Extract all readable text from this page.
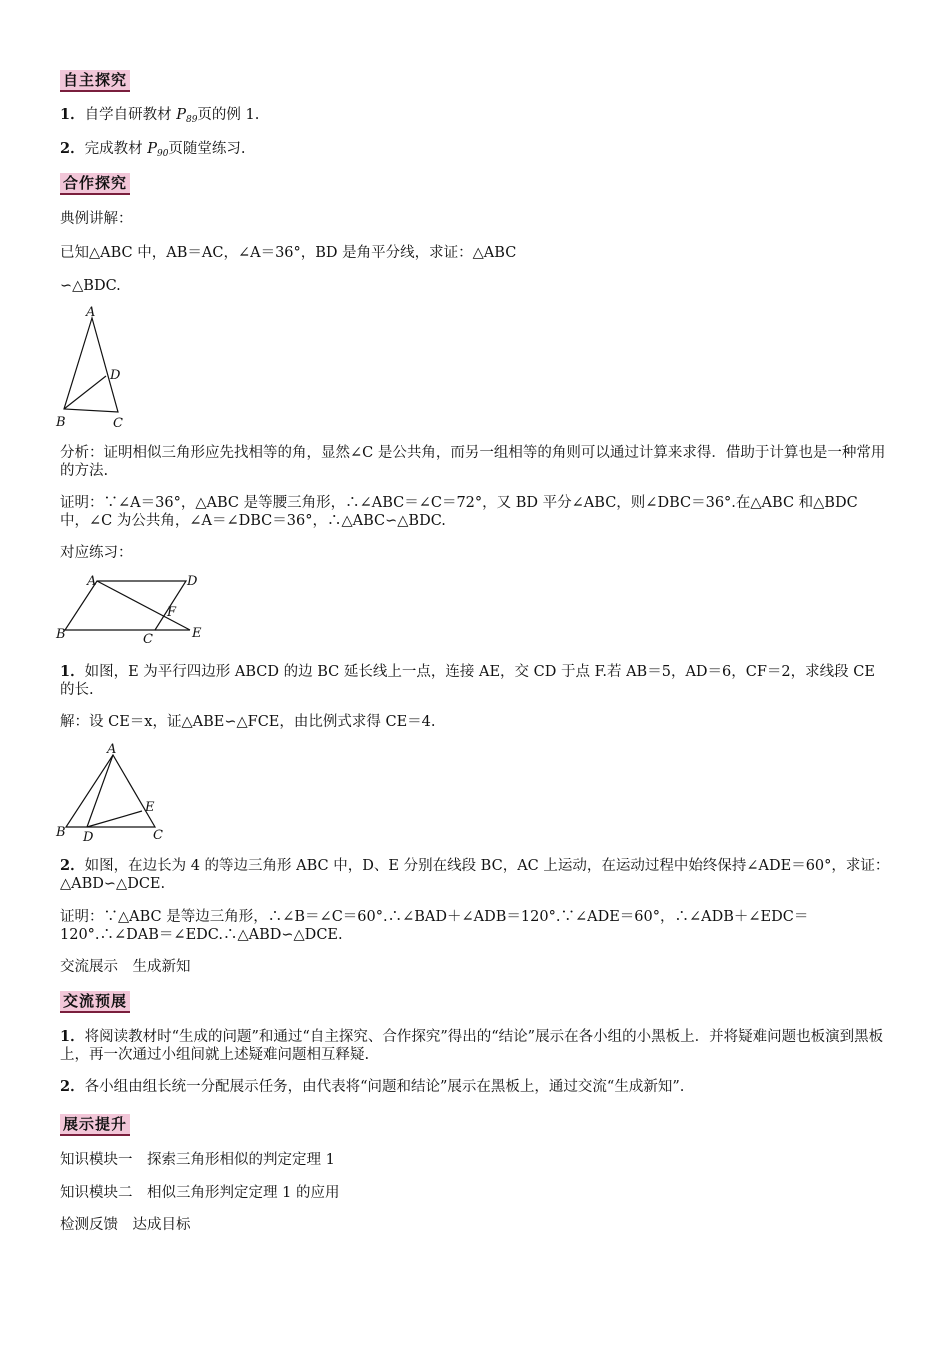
自主探究
1．自学自研教材 $P_{89}$页的例 1.
2．完成教材 $P_{90}$页随堂练习.
合作探究
典例讲解：
已知△ABC 中，AB＝AC，∠A＝36°，BD 是角平分线，求证：△ABC
∽△BDC.
A
B	C
D
分析：证明相似三角形应先找相等的角，显然∠C 是公共角，而另一组相等的角则可以通过计算来求得．借助于计算也是一种常用的方法.
证明：∵∠A＝36°，△ABC 是等腰三角形，∴∠ABC＝∠C＝72°，又 BD 平分∠ABC，则∠DBC＝36°.在△ABC 和△BDC 中，∠C 为公共角，∠A＝∠DBC＝36°，∴△ABC∽△BDC.
对应练习：
A	D
B	C	E
F
1．如图，E 为平行四边形 ABCD 的边 BC 延长线上一点，连接 AE，交 CD 于点 F.若 AB＝5，AD＝6，CF＝2，求线段 CE 的长.
解：设 CE＝x，证△ABE∽△FCE，由比例式求得 CE＝4.
A
B	C
D
E
2．如图，在边长为 4 的等边三角形 ABC 中，D、E 分别在线段 BC，AC 上运动，在运动过程中始终保持∠ADE＝60°，求证：△ABD∽△DCE.
证明：∵△ABC 是等边三角形，∴∠B＝∠C＝60°.∴∠BAD＋∠ADB＝120°.∵∠ADE＝60°，∴∠ADB＋∠EDC＝120°.∴∠DAB＝∠EDC.∴△ABD∽△DCE.
交流展示　生成新知
交流预展
1．将阅读教材时“生成的问题”和通过“自主探究、合作探究”得出的“结论”展示在各小组的小黑板上．并将疑难问题也板演到黑板上，再一次通过小组间就上述疑难问题相互释疑.
2．各小组由组长统一分配展示任务，由代表将“问题和结论”展示在黑板上，通过交流“生成新知”.
展示提升
知识模块一　探索三角形相似的判定定理 1
知识模块二　相似三角形判定定理 1 的应用
检测反馈　达成目标
